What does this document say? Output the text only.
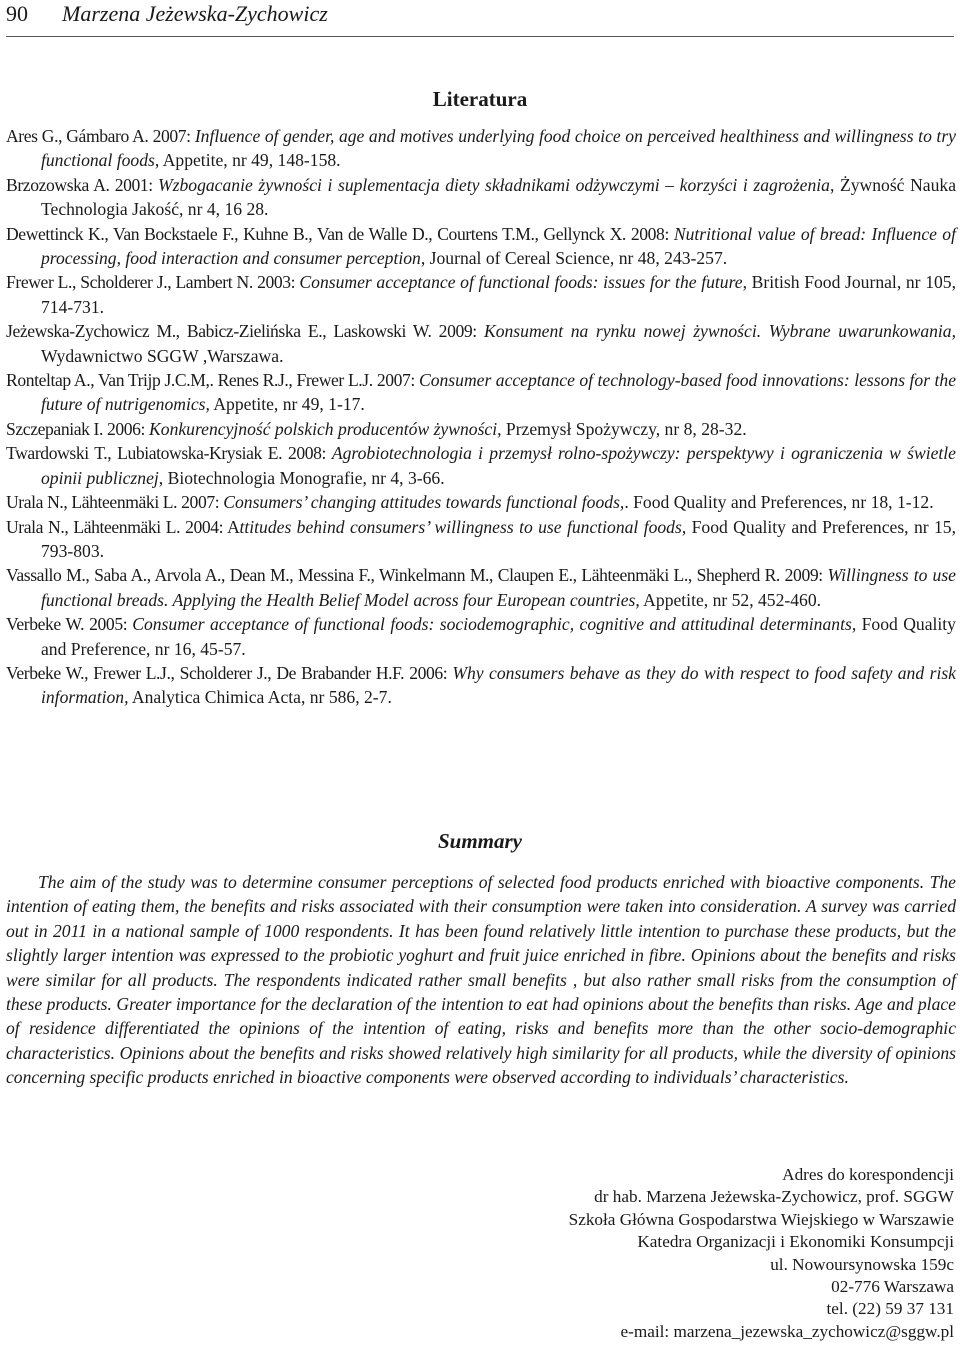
90 Marzena Jeżewska-Zychowicz
Literatura

Ares G., Gámbaro A. 2007: Influence of gender, age and motives underlying food choice on perceived healthiness and willingness to try functional foods, Appetite, nr 49, 148-158.

Brzozowska A. 2001: Wzbogacanie żywności i suplementacja diety składnikami odżywczymi – korzyści i zagrożenia, Żywność Nauka Technologia Jakość, nr 4, 16 28.

Dewettinck K., Van Bockstaele F., Kuhne B., Van de Walle D., Courtens T.M., Gellynck X. 2008: Nutritional value of bread: Influence of processing, food interaction and consumer perception, Journal of Cereal Science, nr 48, 243-257.

Frewer L., Scholderer J., Lambert N. 2003: Consumer acceptance of functional foods: issues for the future, British Food Journal, nr 105, 714-731.

Jeżewska-Zychowicz M., Babicz-Zielińska E., Laskowski W. 2009: Konsument na rynku nowej żywności. Wybrane uwarunkowania, Wydawnictwo SGGW ,Warszawa.

Ronteltap A., Van Trijp J.C.M,. Renes R.J., Frewer L.J. 2007: Consumer acceptance of technology-based food innovations: lessons for the future of nutrigenomics, Appetite, nr 49, 1-17.

Szczepaniak I. 2006: Konkurencyjność polskich producentów żywności, Przemysł Spożywczy, nr 8, 28-32.

Twardowski T., Lubiatowska-Krysiak E. 2008: Agrobiotechnologia i przemysł rolno-spożywczy: perspektywy i ograniczenia w świetle opinii publicznej, Biotechnologia Monografie, nr 4, 3-66.

Urala N., Lähteenmäki L. 2007: Consumers’ changing attitudes towards functional foods,. Food Quality and Preferences, nr 18, 1-12.

Urala N., Lähteenmäki L. 2004: Attitudes behind consumers’ willingness to use functional foods, Food Quality and Preferences, nr 15, 793-803.

Vassallo M., Saba A., Arvola A., Dean M., Messina F., Winkelmann M., Claupen E., Lähteenmäki L., Shepherd R. 2009: Willingness to use functional breads. Applying the Health Belief Model across four European countries, Appetite, nr 52, 452-460.

Verbeke W. 2005: Consumer acceptance of functional foods: sociodemographic, cognitive and attitudinal determinants, Food Quality and Preference, nr 16, 45-57.

Verbeke W., Frewer L.J., Scholderer J., De Brabander H.F. 2006: Why consumers behave as they do with respect to food safety and risk information, Analytica Chimica Acta, nr 586, 2-7.

Summary

The aim of the study was to determine consumer perceptions of selected food products enriched with bioactive components. The intention of eating them, the benefits and risks associated with their consumption were taken into consideration. A survey was carried out in 2011 in a national sample of 1000 respondents. It has been found relatively little intention to purchase these products, but the slightly larger intention was expressed to the probiotic yoghurt and fruit juice enriched in fibre. Opinions about the benefits and risks were similar for all products. The respondents indicated rather small benefits , but also rather small risks from the consumption of these products. Greater importance for the declaration of the intention to eat had opinions about the benefits than risks. Age and place of residence differentiated the opinions of the intention of eating, risks and benefits more than the other socio-demographic characteristics. Opinions about the benefits and risks showed relatively high similarity for all products, while the diversity of opinions concerning specific products enriched in bioactive components were observed according to individuals’ characteristics.

Adres do korespondencji
dr hab. Marzena Jeżewska-Zychowicz, prof. SGGW
Szkoła Główna Gospodarstwa Wiejskiego w Warszawie
Katedra Organizacji i Ekonomiki Konsumpcji
ul. Nowoursynowska 159c
02-776 Warszawa
tel. (22) 59 37 131
e-mail: marzena_jezewska_zychowicz@sggw.pl
